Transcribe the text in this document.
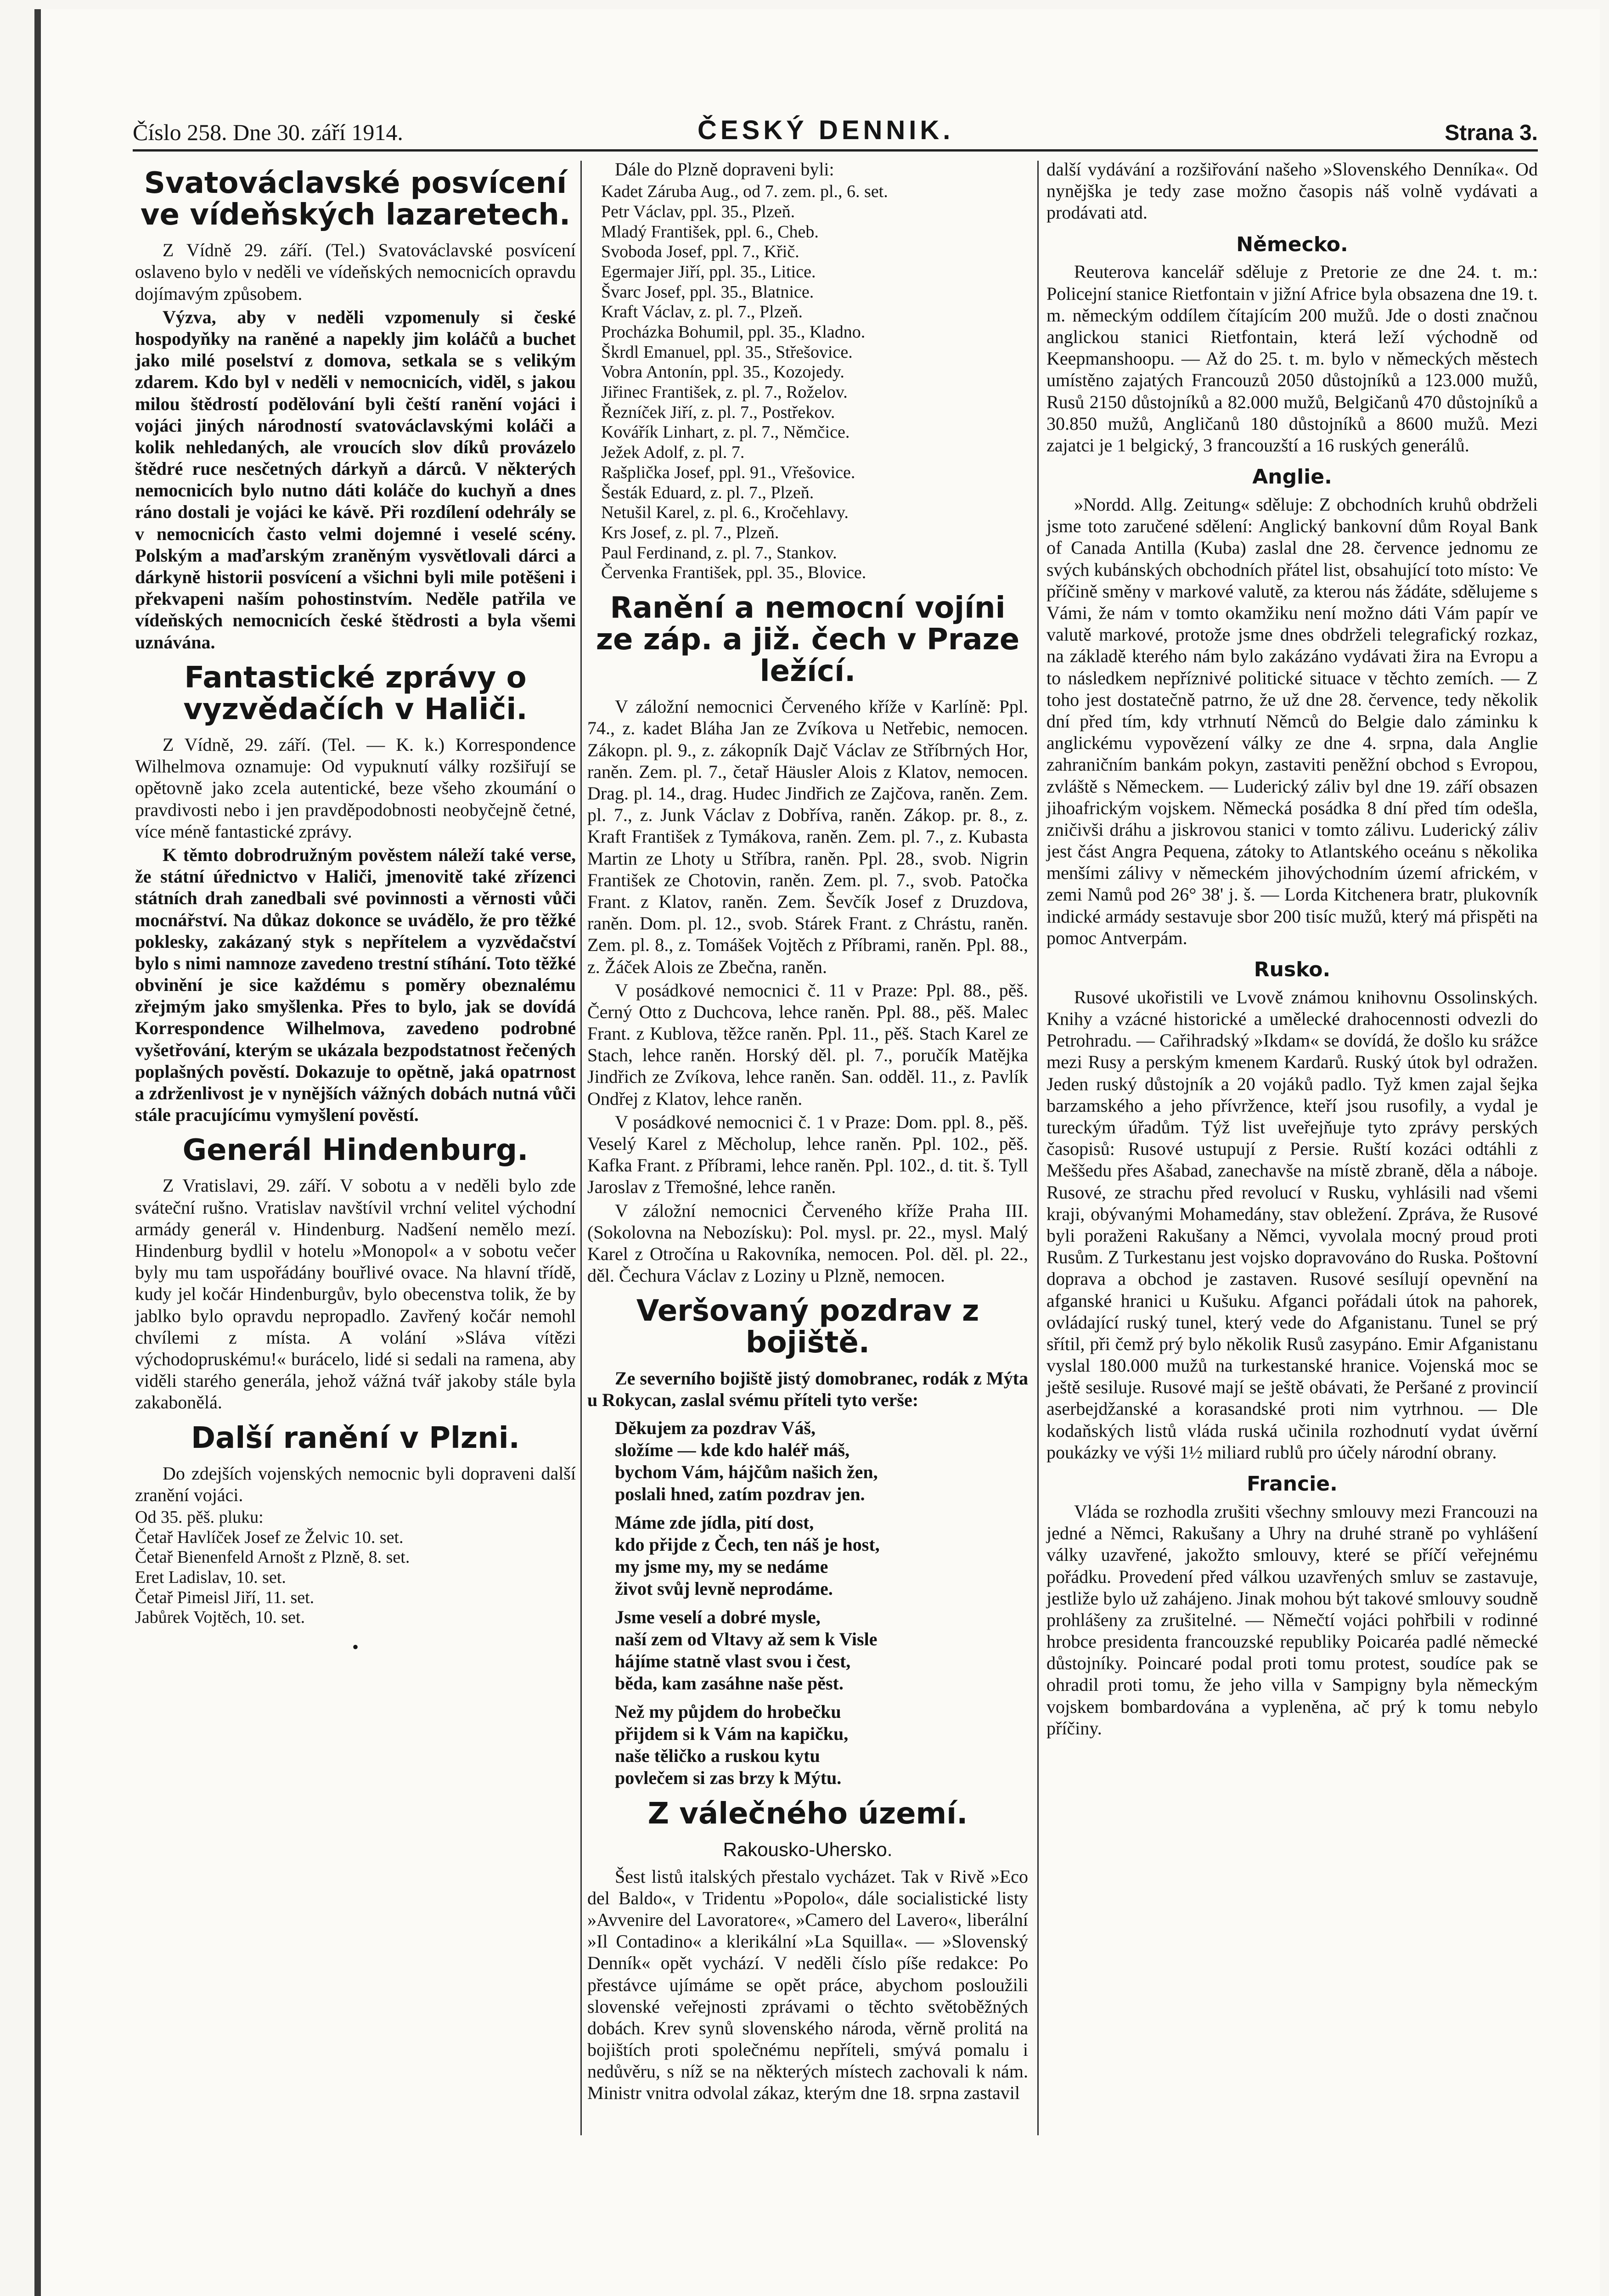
Číslo 258. Dne 30. září 1914.	ČESKÝ DENNIK.	Strana 3.
Svatováclavské posvícení ve vídeňských lazaretech.

Z Vídně 29. září. (Tel.) Svatováclavské posvícení oslaveno bylo v neděli ve vídeňských nemocnicích opravdu dojímavým způsobem.

Výzva, aby v neděli vzpomenuly si české hospodyňky na raněné a napekly jim koláčů a buchet jako milé poselství z domova, setkala se s velikým zdarem. Kdo byl v neděli v nemocnicích, viděl, s jakou milou štědrostí podělování byli čeští ranění vojáci i vojáci jiných národností svatováclavskými koláči a kolik nehledaných, ale vroucích slov díků provázelo štědré ruce nesčetných dárkyň a dárců. V některých nemocnicích bylo nutno dáti koláče do kuchyň a dnes ráno dostali je vojáci ke kávě. Při rozdílení odehrály se v nemocnicích často velmi dojemné i veselé scény. Polským a maďarským zraněným vysvětlovali dárci a dárkyně historii posvícení a všichni byli mile potěšeni i překvapeni naším pohostinstvím. Neděle patřila ve vídeňských nemocnicích české štědrosti a byla všemi uznávána.

Fantastické zprávy o vyzvědačích v Haliči.

Z Vídně, 29. září. (Tel. — K. k.) Korrespondence Wilhelmova oznamuje: Od vypuknutí války rozšiřují se opětovně jako zcela autentické, beze všeho zkoumání o pravdivosti nebo i jen pravděpodobnosti neobyčejně četné, více méně fantastické zprávy.

K těmto dobrodružným pověstem náleží také verse, že státní úřednictvo v Haliči, jmenovitě také zřízenci státních drah zanedbali své povinnosti a věrnosti vůči mocnářství. Na důkaz dokonce se uvádělo, že pro těžké poklesky, zakázaný styk s nepřítelem a vyzvědačství bylo s nimi namnoze zavedeno trestní stíhání. Toto těžké obvinění je sice každému s poměry obeznalému zřejmým jako smyšlenka. Přes to bylo, jak se dovídá Korrespondence Wilhelmova, zavedeno podrobné vyšetřování, kterým se ukázala bezpodstatnost řečených poplašných pověstí. Dokazuje to opětně, jaká opatrnost a zdrženlivost je v nynějších vážných dobách nutná vůči stále pracujícímu vymyšlení pověstí.

Generál Hindenburg.

Z Vratislavi, 29. září. V sobotu a v neděli bylo zde sváteční rušno. Vratislav navštívil vrchní velitel východní armády generál v. Hindenburg. Nadšení nemělo mezí. Hindenburg bydlil v hotelu »Monopol« a v sobotu večer byly mu tam uspořádány bouřlivé ovace. Na hlavní třídě, kudy jel kočár Hindenburgův, bylo obecenstva tolik, že by jablko bylo opravdu nepropadlo. Zavřený kočár nemohl chvílemi z místa. A volání »Sláva vítězi východopruskému!« burácelo, lidé si sedali na ramena, aby viděli starého generála, jehož vážná tvář jakoby stále byla zakabonělá.

Další ranění v Plzni.

Do zdejších vojenských nemocnic byli dopraveni další zranění vojáci.

Od 35. pěš. pluku:
Četař Havlíček Josef ze Želvic 10. set.
Četař Bienenfeld Arnošt z Plzně, 8. set.
Eret Ladislav, 10. set.
Četař Pimeisl Jiří, 11. set.
Jabůrek Vojtěch, 10. set.
•

Dále do Plzně dopraveni byli:

Kadet Záruba Aug., od 7. zem. pl., 6. set.
Petr Václav, ppl. 35., Plzeň.
Mladý František, ppl. 6., Cheb.
Svoboda Josef, ppl. 7., Křič.
Egermajer Jiří, ppl. 35., Litice.
Švarc Josef, ppl. 35., Blatnice.
Kraft Václav, z. pl. 7., Plzeň.
Procházka Bohumil, ppl. 35., Kladno.
Škrdl Emanuel, ppl. 35., Střešovice.
Vobra Antonín, ppl. 35., Kozojedy.
Jiřinec František, z. pl. 7., Roželov.
Řezníček Jiří, z. pl. 7., Postřekov.
Kovářík Linhart, z. pl. 7., Němčice.
Ježek Adolf, z. pl. 7.
Rašplička Josef, ppl. 91., Vřešovice.
Šesták Eduard, z. pl. 7., Plzeň.
Netušil Karel, z. pl. 6., Kročehlavy.
Krs Josef, z. pl. 7., Plzeň.
Paul Ferdinand, z. pl. 7., Stankov.
Červenka František, ppl. 35., Blovice.
Ranění a nemocní vojíni ze záp. a již. čech v Praze ležící.

V záložní nemocnici Červeného kříže v Karlíně: Ppl. 74., z. kadet Bláha Jan ze Zvíkova u Netřebic, nemocen. Zákopn. pl. 9., z. zákopník Dajč Václav ze Stříbrných Hor, raněn. Zem. pl. 7., četař Häusler Alois z Klatov, nemocen. Drag. pl. 14., drag. Hudec Jindřich ze Zajčova, raněn. Zem. pl. 7., z. Junk Václav z Dobřívа, raněn. Zákop. pr. 8., z. Kraft František z Tymákova, raněn. Zem. pl. 7., z. Kubasta Martin ze Lhoty u Stříbra, raněn. Ppl. 28., svob. Nigrin František ze Chotovin, raněn. Zem. pl. 7., svob. Patočka Frant. z Klatov, raněn. Zem. Ševčík Josef z Druzdova, raněn. Dom. pl. 12., svob. Stárek Frant. z Chrástu, raněn. Zem. pl. 8., z. Tomášek Vojtěch z Příbrami, raněn. Ppl. 88., z. Žáček Alois ze Zbečna, raněn.

V posádkové nemocnici č. 11 v Praze: Ppl. 88., pěš. Černý Otto z Duchcova, lehce raněn. Ppl. 88., pěš. Malec Frant. z Kublova, těžce raněn. Ppl. 11., pěš. Stach Karel ze Stach, lehce raněn. Horský děl. pl. 7., poručík Matějka Jindřich ze Zvíkova, lehce raněn. San. odděl. 11., z. Pavlík Ondřej z Klatov, lehce raněn.

V posádkové nemocnici č. 1 v Praze: Dom. ppl. 8., pěš. Veselý Karel z Měcholup, lehce raněn. Ppl. 102., pěš. Kafka Frant. z Příbrami, lehce raněn. Ppl. 102., d. tit. š. Tyll Jaroslav z Třemošné, lehce raněn.

V záložní nemocnici Červeného kříže Praha III. (Sokolovna na Nebozísku): Pol. mysl. pr. 22., mysl. Malý Karel z Otročína u Rakovníka, nemocen. Pol. děl. pl. 22., děl. Čechura Václav z Loziny u Plzně, nemocen.

Veršovaný pozdrav z bojiště.

Ze severního bojiště jistý domobranec, rodák z Mýta u Rokycan, zaslal svému příteli tyto verše:

Děkujem za pozdrav Váš,
složíme — kde kdo haléř máš,
bychom Vám, hájčům našich žen,
poslali hned, zatím pozdrav jen.
Máme zde jídla, pití dost,
kdo přijde z Čech, ten náš je host,
my jsme my, my se nedáme
život svůj levně neprodáme.
Jsme veselí a dobré mysle,
naší zem od Vltavy až sem k Visle
hájíme statně vlast svou i čest,
běda, kam zasáhne naše pěst.
Než my půjdem do hrobečku
přijdem si k Vám na kapičku,
naše těličko a ruskou kytu
povlečem si zas brzy k Mýtu.
Z válečného území.
Rakousko-Uhersko.

Šest listů italských přestalo vycházet. Tak v Rivě »Eco del Baldo«, v Tridentu »Popolo«, dále socialistické listy »Avvenire del Lavoratore«, »Camero del Lavero«, liberální »Il Contadino« a klerikální »La Squilla«. — »Slovenský Denník« opět vychází. V neděli číslo píše redakce: Po přestávce ujímáme se opět práce, abychom posloužili slovenské veřejnosti zprávami o těchto světoběžných dobách. Krev synů slovenského národa, věrně prolitá na bojištích proti společnému nepříteli, smývá pomalu i nedůvěru, s níž se na některých místech zachovali k nám. Ministr vnitra odvolal zákaz, kterým dne 18. srpna zastavil

další vydávání a rozšiřování našeho »Slovenského Denníka«. Od nynějška je tedy zase možno časopis náš volně vydávati a prodávati atd.

Německo.

Reuterova kancelář sděluje z Pretorie ze dne 24. t. m.: Policejní stanice Rietfontain v jižní Africe byla obsazena dne 19. t. m. německým oddílem čítajícím 200 mužů. Jde o dosti značnou anglickou stanici Rietfontain, která leží východně od Keepmanshoopu. — Až do 25. t. m. bylo v německých městech umístěno zajatých Francouzů 2050 důstojníků a 123.000 mužů, Rusů 2150 důstojníků a 82.000 mužů, Belgičanů 470 důstojníků a 30.850 mužů, Angličanů 180 důstojníků a 8600 mužů. Mezi zajatci je 1 belgický, 3 francouzští a 16 ruských generálů.

Anglie.

»Nordd. Allg. Zeitung« sděluje: Z obchodních kruhů obdrželi jsme toto zaručené sdělení: Anglický bankovní dům Royal Bank of Canada Antilla (Kuba) zaslal dne 28. července jednomu ze svých kubánských obchodních přátel list, obsahující toto místo: Ve příčině směny v markové valutě, za kterou nás žádáte, sdělujeme s Vámi, že nám v tomto okamžiku není možno dáti Vám papír ve valutě markové, protože jsme dnes obdrželi telegrafický rozkaz, na základě kterého nám bylo zakázáno vydávati žira na Evropu a to následkem nepříznivé politické situace v těchto zemích. — Z toho jest dostatečně patrno, že už dne 28. července, tedy několik dní před tím, kdy vtrhnutí Němců do Belgie dalo záminku k anglickému vypovězení války ze dne 4. srpna, dala Anglie zahraničním bankám pokyn, zastaviti peněžní obchod s Evropou, zvláště s Německem. — Luderický záliv byl dne 19. září obsazen jihoafrickým vojskem. Německá posádka 8 dní před tím odešla, zničivši dráhu a jiskrovou stanici v tomto zálivu. Luderický záliv jest část Angra Pequena, zátoky to Atlantského oceánu s několika menšími zálivy v německém jihovýchodním území africkém, v zemi Namů pod 26° 38' j. š. — Lorda Kitchenera bratr, plukovník indické armády sestavuje sbor 200 tisíc mužů, který má přispěti na pomoc Antverpám.

Rusko.

Rusové ukořistili ve Lvově známou knihovnu Ossolinských. Knihy a vzácné historické a umělecké drahocennosti odvezli do Petrohradu. — Cařihradský »Ikdam« se dovídá, že došlo ku srážce mezi Rusy a perským kmenem Kardarů. Ruský útok byl odražen. Jeden ruský důstojník a 20 vojáků padlo. Tyž kmen zajal šejka barzamského a jeho přívržence, kteří jsou rusofily, a vydal je tureckým úřadům. Týž list uveřejňuje tyto zprávy perských časopisů: Rusové ustupují z Persie. Ruští kozáci odtáhli z Meššedu přes Ašabad, zanechavše na místě zbraně, děla a náboje. Rusové, ze strachu před revolucí v Rusku, vyhlásili nad všemi kraji, obývanými Mohamedány, stav obležení. Zpráva, že Rusové byli poraženi Rakušany a Němci, vyvolala mocný proud proti Rusům. Z Turkestanu jest vojsko dopravováno do Ruska. Poštovní doprava a obchod je zastaven. Rusové sesílují opevnění na afganské hranici u Kušuku. Afganci pořádali útok na pahorek, ovládající ruský tunel, který vede do Afganistanu. Tunel se prý sřítil, při čemž prý bylo několik Rusů zasypáno. Emir Afganistanu vyslal 180.000 mužů na turkestanské hranice. Vojenská moc se ještě sesiluje. Rusové mají se ještě obávati, že Peršané z provincií aserbejdžanské a korasandské proti nim vytrhnou. — Dle kodaňských listů vláda ruská učinila rozhodnutí vydat úvěrní poukázky ve výši 1½ miliard rublů pro účely národní obrany.

Francie.

Vláda se rozhodla zrušiti všechny smlouvy mezi Francouzi na jedné a Němci, Rakušany a Uhry na druhé straně po vyhlášení války uzavřené, jakožto smlouvy, které se příčí veřejnému pořádku. Provedení před válkou uzavřených smluv se zastavuje, jestliže bylo už zahájeno. Jinak mohou být takové smlouvy soudně prohlášeny za zrušitelné. — Němečtí vojáci pohřbili v rodinné hrobce presidenta francouzské republiky Poicaréa padlé německé důstojníky. Poincaré podal proti tomu protest, soudíce pak se ohradil proti tomu, že jeho villa v Sampigny byla německým vojskem bombardována a vypleněna, ač prý k tomu nebylo příčiny.
